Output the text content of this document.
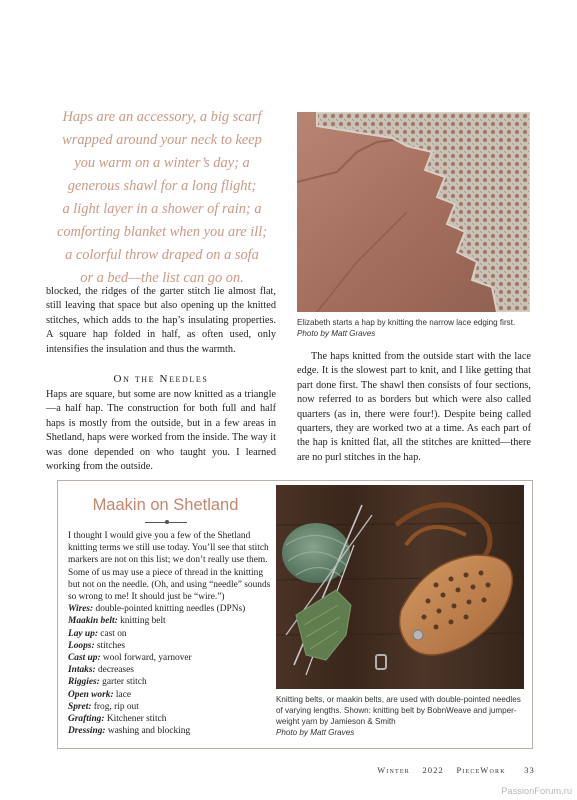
Haps are an accessory, a big scarf
wrapped around your neck to keep
you warm on a winter’s day; a
generous shawl for a long flight;
a light layer in a shower of rain; a
comforting blanket when you are ill;
a colorful throw draped on a sofa
or a bed—the list can go on.
Elizabeth starts a hap by knitting the narrow lace edging first.
Photo by Matt Graves

blocked, the ridges of the garter stitch lie almost flat, still leaving that space but also opening up the knitted stitches, which adds to the hap’s insulating properties. A square hap folded in half, as often used, only intensifies the insulation and thus the warmth.

On the Needles

Haps are square, but some are now knitted as a triangle—a half hap. The construction for both full and half haps is mostly from the outside, but in a few areas in Shetland, haps were worked from the inside. The way it was done depended on who taught you. I learned working from the outside.

The haps knitted from the outside start with the lace edge. It is the slowest part to knit, and I like getting that part done first. The shawl then consists of four sections, now referred to as borders but which were also called quarters (as in, there were four!). Despite being called quarters, they are worked two at a time. As each part of the hap is knitted flat, all the stitches are knitted—there are no purl stitches in the hap.

Maakin on Shetland

I thought I would give you a few of the Shetland knitting terms we still use today. You’ll see that stitch markers are not on this list; we don’t really use them. Some of us may use a piece of thread in the knitting but not on the needle. (Oh, and using “needle” sounds so wrong to me! It should just be “wire.”)

Wires: double-pointed knitting needles (DPNs)
Maakin belt: knitting belt
Lay up: cast on
Loops: stitches
Cast up: wool forward, yarnover
Intaks: decreases
Riggies: garter stitch
Open work: lace
Spret: frog, rip out
Grafting: Kitchener stitch
Dressing: washing and blocking
Knitting belts, or maakin belts, are used with double-pointed needles of varying lengths. Shown: knitting belt by BobnWeave and jumper-weight yarn by Jamieson & Smith
Photo by Matt Graves
Winter 2022 PieceWork 33
PassionForum.ru
